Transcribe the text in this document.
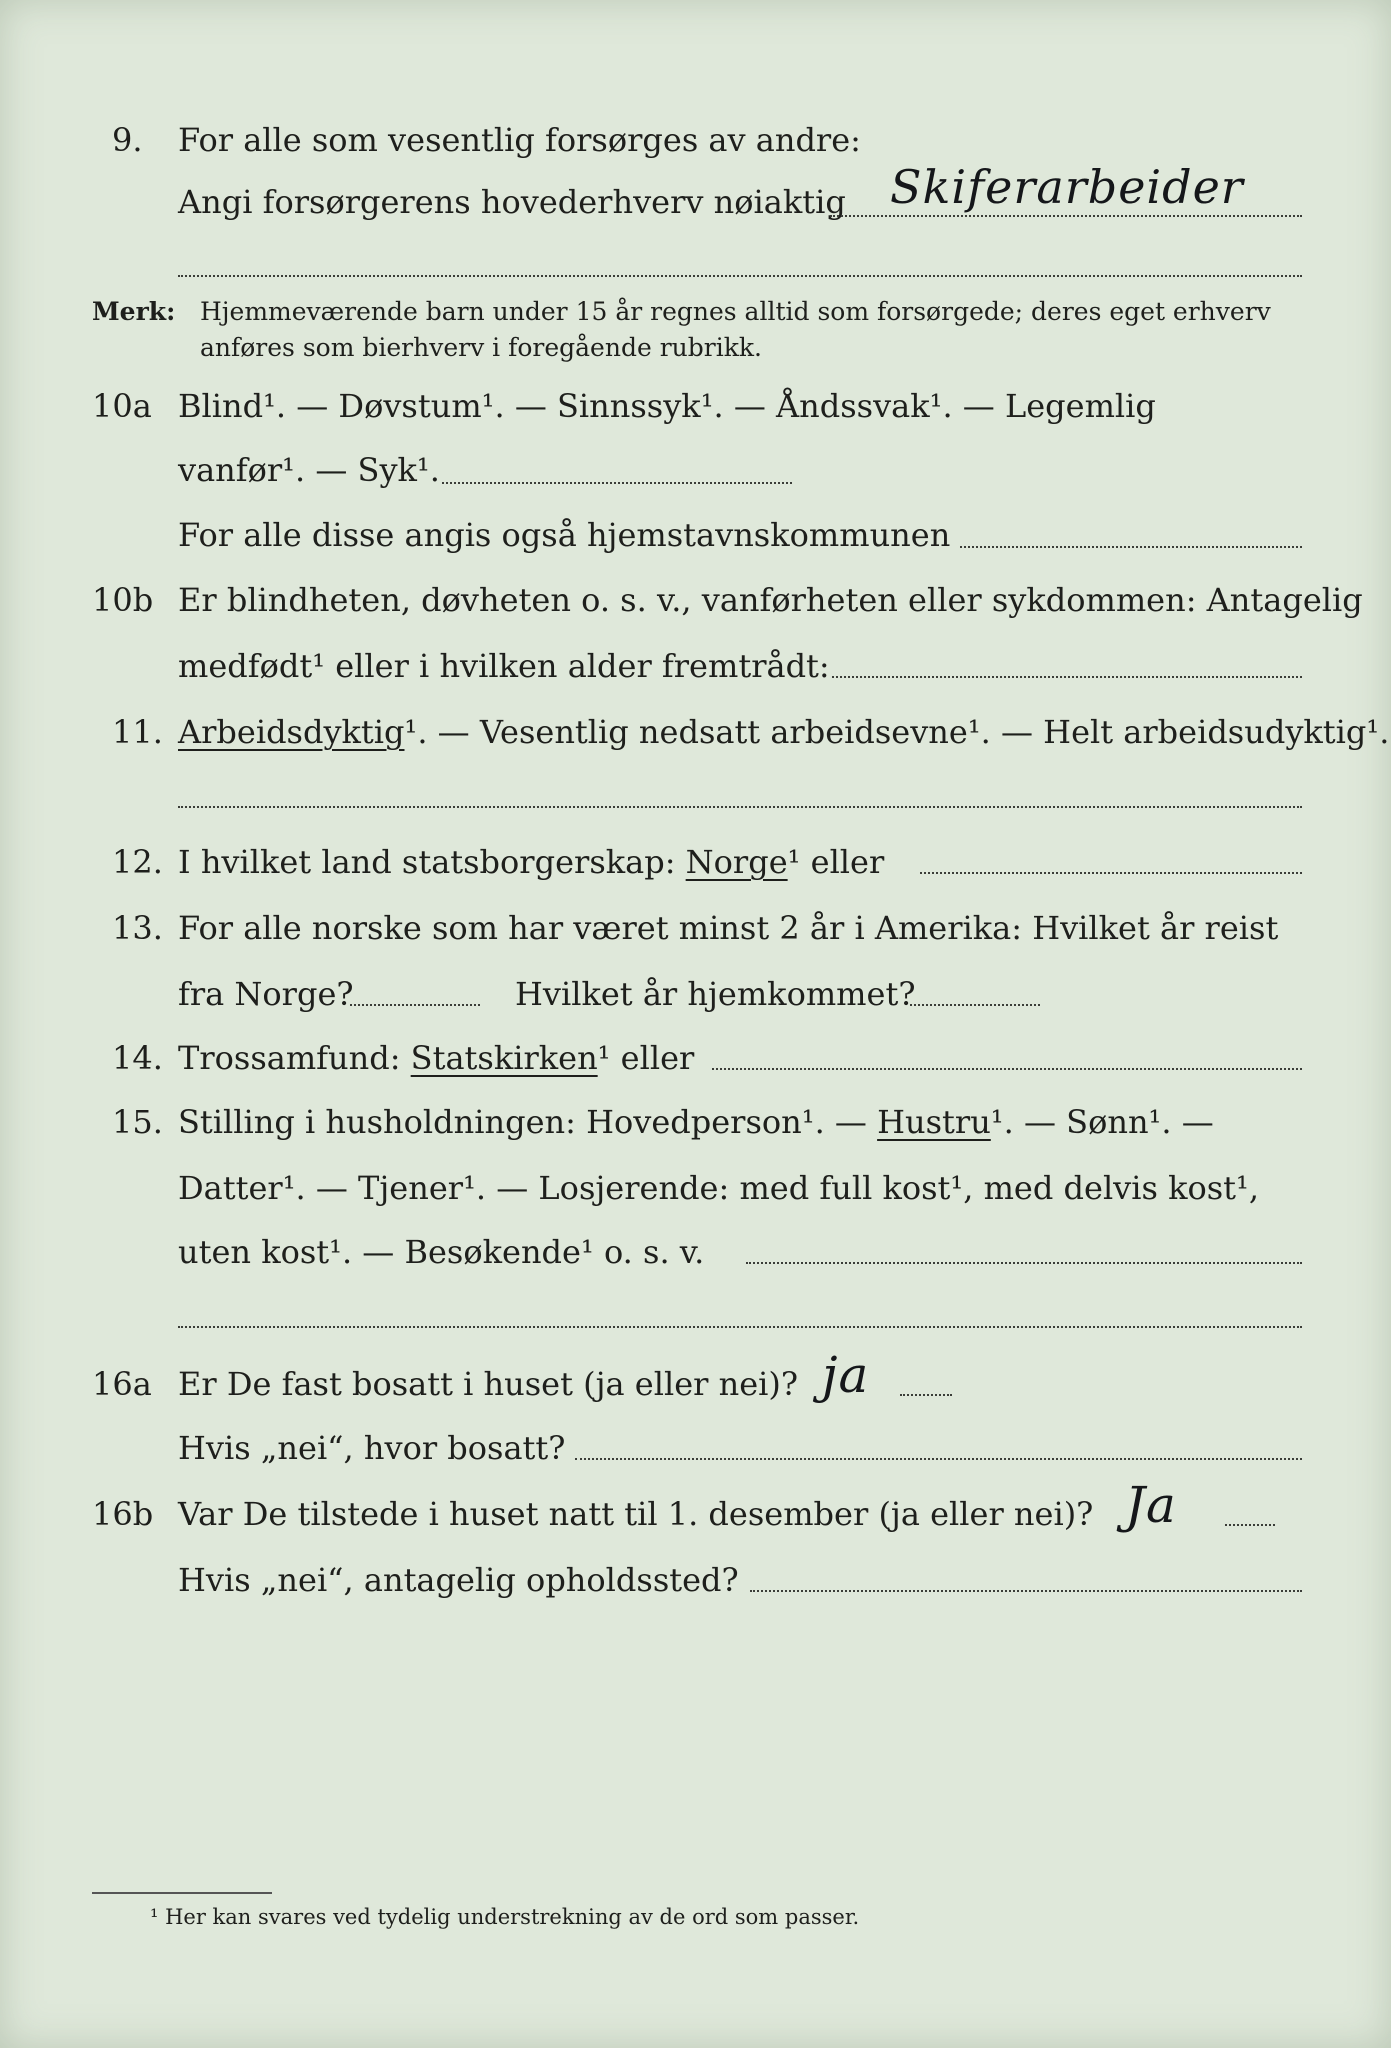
9.	For alle som vesentlig forsørges av andre:
Angi forsørgerens hovederhverv nøiaktig Skiferarbeider
Merk: Hjemmeværende barn under 15 år regnes alltid som forsørgede; deres eget erhverv
anføres som bierhverv i foregående rubrikk.
10a Blind¹. — Døvstum¹. — Sinnssyk¹. — Åndssvak¹. — Legemlig
vanfør¹. — Syk¹.
For alle disse angis også hjemstavnskommunen
10b Er blindheten, døvheten o. s. v., vanførheten eller sykdommen: Antagelig
medfødt¹ eller i hvilken alder fremtrådt:
11. Arbeidsdyktig¹. — Vesentlig nedsatt arbeidsevne¹. — Helt arbeidsudyktig¹.
12. I hvilket land statsborgerskap: Norge¹ eller
13. For alle norske som har været minst 2 år i Amerika: Hvilket år reist
fra Norge?	Hvilket år hjemkommet?
14. Trossamfund: Statskirken¹ eller
15. Stilling i husholdningen: Hovedperson¹. — Hustru¹. — Sønn¹. —
Datter¹. — Tjener¹. — Losjerende: med full kost¹, med delvis kost¹,
uten kost¹. — Besøkende¹ o. s. v.
16a Er De fast bosatt i huset (ja eller nei)? ja
Hvis „nei“, hvor bosatt?
16b Var De tilstede i huset natt til 1. desember (ja eller nei)? Ja
Hvis „nei“, antagelig opholdssted?
¹ Her kan svares ved tydelig understrekning av de ord som passer.
